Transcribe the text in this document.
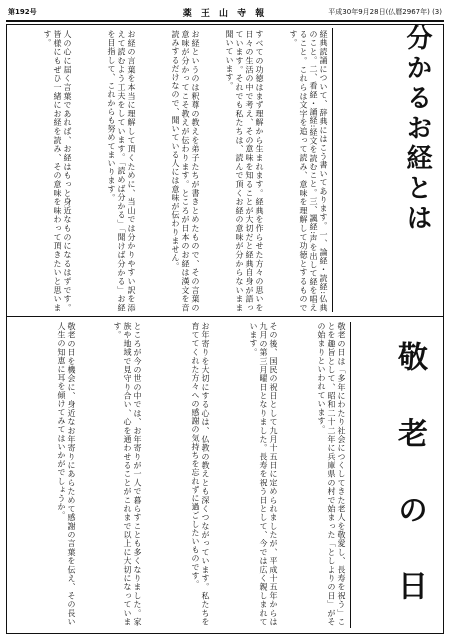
第192号	薬 王 山 寺 報	平成30年9月28日(仏暦2967年) (3)
分かるお経とは
経典読誦について、辞典にはこう書いてあります。一、論経・読経:仏典のこと。二、看経・誦経:経文を読むこと。三、諷経:声を出して経を唱えること。これらは文字を追って読み、意味を理解して功徳とするものです。
すべての功徳はまず理解から生まれます。経典を作らせた方々の思いを日々の生活の中で考え、その意味を知ることが大切だと経典自身が語っています。それでも私たちは、読んで頂くお経の意味が分からないまま聞いています。
お経というのは釈尊の教えを弟子たちが書きとめたもので、その言葉の意味が分かってこそ教えが伝わります。ところが日本のお経は漢文を音読みするだけなので、聞いている人には意味が伝わりません。
お経の言葉を本当に理解して頂くために、当山では分かりやすい訳を添えて読むよう工夫をしています。「読めば分かる」「聞けば分かる」お経を目指して、これからも努めてまいります。
人の心に届く言葉であれば、お経はもっと身近なものになるはずです。皆様にもぜひ一緒にお経を読み、その意味を味わって頂きたいと思います。
敬 老 の 日
敬老の日は「多年にわたり社会につくしてきた老人を敬愛し、長寿を祝う」ことを趣旨として、昭和二十二年に兵庫県の村で始まった「としよりの日」がその始まりといわれています。
その後、国民の祝日として九月十五日に定められましたが、平成十五年からは九月の第三月曜日となりました。長寿を祝う日として、今では広く親しまれています。
お年寄りを大切にする心は、仏教の教えとも深くつながっています。私たちを育ててくれた方々への感謝の気持ちを忘れずに過ごしたいものです。
ところが今の世の中では、お年寄りが一人で暮らすことも多くなりました。家族や地域で見守り合い、心を通わせることがこれまで以上に大切になっています。
敬老の日を機会に、身近なお年寄りにあらためて感謝の言葉を伝え、その長い人生の知恵に耳を傾けてみてはいかがでしょうか。
